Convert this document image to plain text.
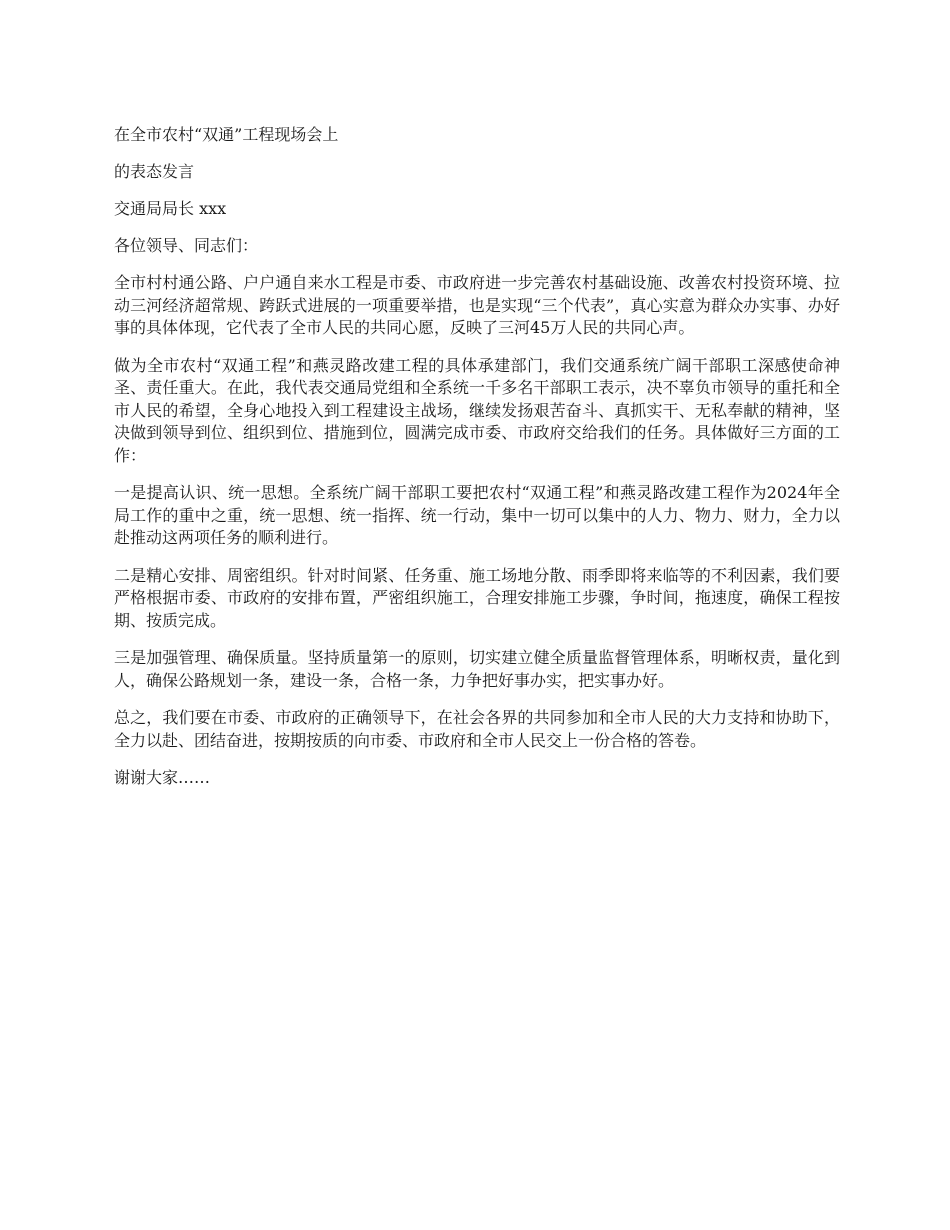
在全市农村“双通”工程现场会上

的表态发言

交通局局长 xxx

各位领导、同志们：

全市村村通公路、户户通自来水工程是市委、市政府进一步完善农村基础设施、改善农村投资环境、拉动三河经济超常规、跨跃式进展的一项重要举措，也是实现“三个代表”，真心实意为群众办实事、办好事的具体体现，它代表了全市人民的共同心愿，反映了三河45万人民的共同心声。

做为全市农村“双通工程”和燕灵路改建工程的具体承建部门，我们交通系统广阔干部职工深感使命神圣、责任重大。在此，我代表交通局党组和全系统一千多名干部职工表示，决不辜负市领导的重托和全市人民的希望，全身心地投入到工程建设主战场，继续发扬艰苦奋斗、真抓实干、无私奉献的精神，坚决做到领导到位、组织到位、措施到位，圆满完成市委、市政府交给我们的任务。具体做好三方面的工作：

一是提高认识、统一思想。全系统广阔干部职工要把农村“双通工程”和燕灵路改建工程作为2024年全局工作的重中之重，统一思想、统一指挥、统一行动，集中一切可以集中的人力、物力、财力，全力以赴推动这两项任务的顺利进行。

二是精心安排、周密组织。针对时间紧、任务重、施工场地分散、雨季即将来临等的不利因素，我们要严格根据市委、市政府的安排布置，严密组织施工，合理安排施工步骤，争时间，拖速度，确保工程按期、按质完成。

三是加强管理、确保质量。坚持质量第一的原则，切实建立健全质量监督管理体系，明晰权责，量化到人，确保公路规划一条，建设一条，合格一条，力争把好事办实，把实事办好。

总之，我们要在市委、市政府的正确领导下，在社会各界的共同参加和全市人民的大力支持和协助下，全力以赴、团结奋进，按期按质的向市委、市政府和全市人民交上一份合格的答卷。

谢谢大家……
